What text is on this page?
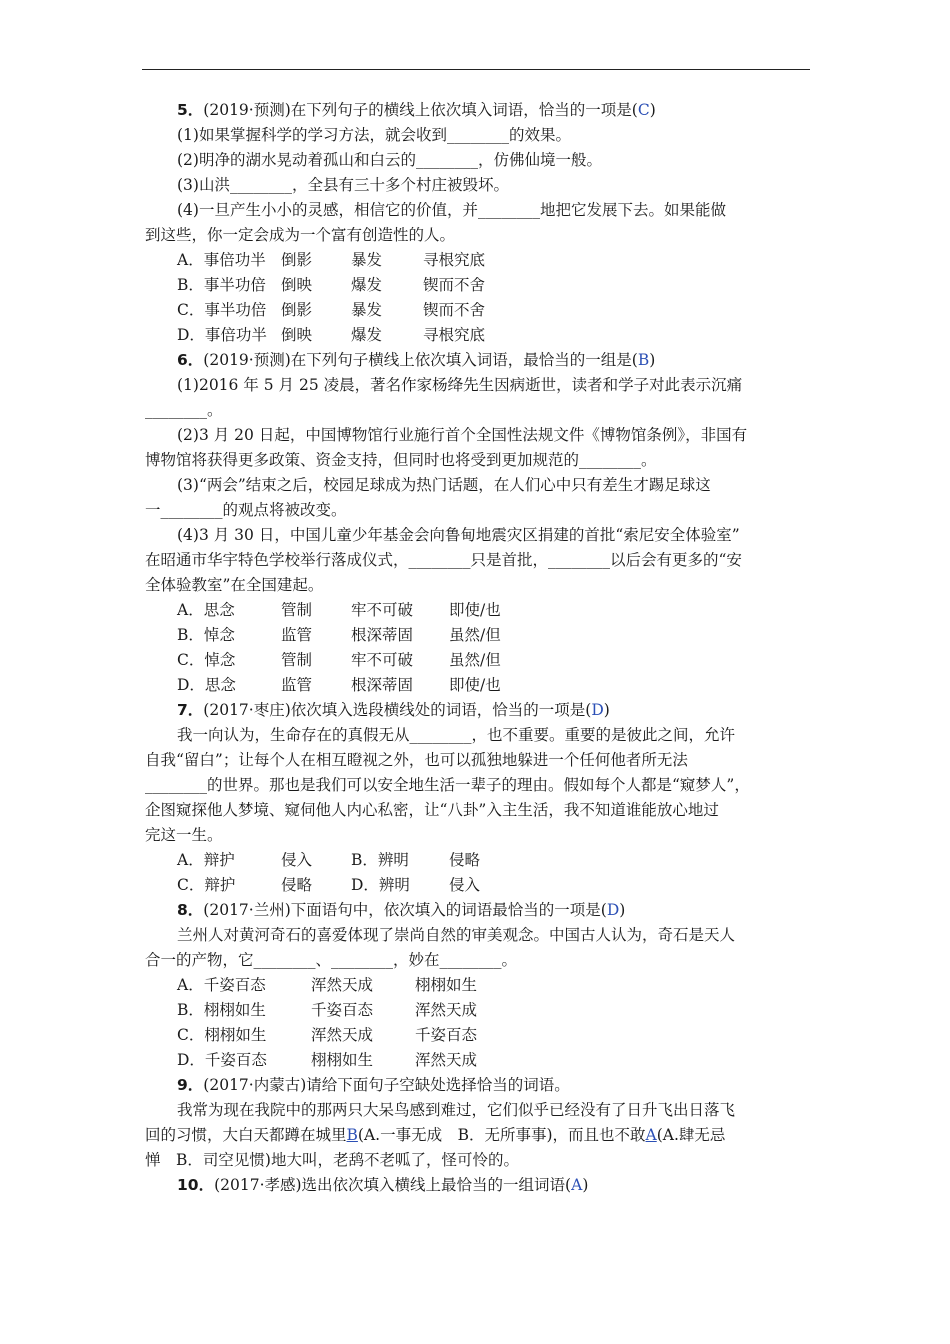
5．(2019·预测)在下列句子的横线上依次填入词语，恰当的一项是(C)
(1)如果掌握科学的学习方法，就会收到________的效果。
(2)明净的湖水晃动着孤山和白云的________，仿佛仙境一般。
(3)山洪________，全县有三十多个村庄被毁坏。
(4)一旦产生小小的灵感，相信它的价值，并________地把它发展下去。如果能做
到这些，你一定会成为一个富有创造性的人。
A．事倍功半 倒影	暴发	寻根究底
B．事半功倍 倒映	爆发	锲而不舍
C．事半功倍 倒影	暴发	锲而不舍
D．事倍功半 倒映	爆发	寻根究底
6．(2019·预测)在下列句子横线上依次填入词语，最恰当的一组是(B)
(1)2016 年 5 月 25 凌晨，著名作家杨绛先生因病逝世，读者和学子对此表示沉痛
________。
(2)3 月 20 日起，中国博物馆行业施行首个全国性法规文件《博物馆条例》，非国有
博物馆将获得更多政策、资金支持，但同时也将受到更加规范的________。
(3)“两会”结束之后，校园足球成为热门话题，在人们心中只有差生才踢足球这
一________的观点将被改变。
(4)3 月 30 日，中国儿童少年基金会向鲁甸地震灾区捐建的首批“索尼安全体验室”
在昭通市华宇特色学校举行落成仪式，________只是首批，________以后会有更多的“安
全体验教室”在全国建起。
A．思念	管制	牢不可破 即使/也
B．悼念	监管	根深蒂固 虽然/但
C．悼念	管制	牢不可破 虽然/但
D．思念	监管	根深蒂固 即使/也
7．(2017·枣庄)依次填入选段横线处的词语，恰当的一项是(D)
我一向认为，生命存在的真假无从________，也不重要。重要的是彼此之间，允许
自我“留白”；让每个人在相互瞪视之外，也可以孤独地躲进一个任何他者所无法
________的世界。那也是我们可以安全地生活一辈子的理由。假如每个人都是“窥梦人”，
企图窥探他人梦境、窥伺他人内心私密，让“八卦”入主生活，我不知道谁能放心地过
完这一生。
A．辩护	侵入	B．辨明	侵略
C．辩护	侵略	D．辨明	侵入
8．(2017·兰州)下面语句中，依次填入的词语最恰当的一项是(D)
兰州人对黄河奇石的喜爱体现了崇尚自然的审美观念。中国古人认为，奇石是天人
合一的产物，它________、________，妙在________。
A．千姿百态	浑然天成	栩栩如生
B．栩栩如生	千姿百态	浑然天成
C．栩栩如生	浑然天成	千姿百态
D．千姿百态	栩栩如生	浑然天成
9．(2017·内蒙古)请给下面句子空缺处选择恰当的词语。
我常为现在我院中的那两只大呆鸟感到难过，它们似乎已经没有了日升飞出日落飞
回的习惯，大白天都蹲在城里B(A.一事无成　B．无所事事)，而且也不敢A(A.肆无忌
惮　B．司空见惯)地大叫，老鸹不老呱了，怪可怜的。
10．(2017·孝感)选出依次填入横线上最恰当的一组词语(A)
